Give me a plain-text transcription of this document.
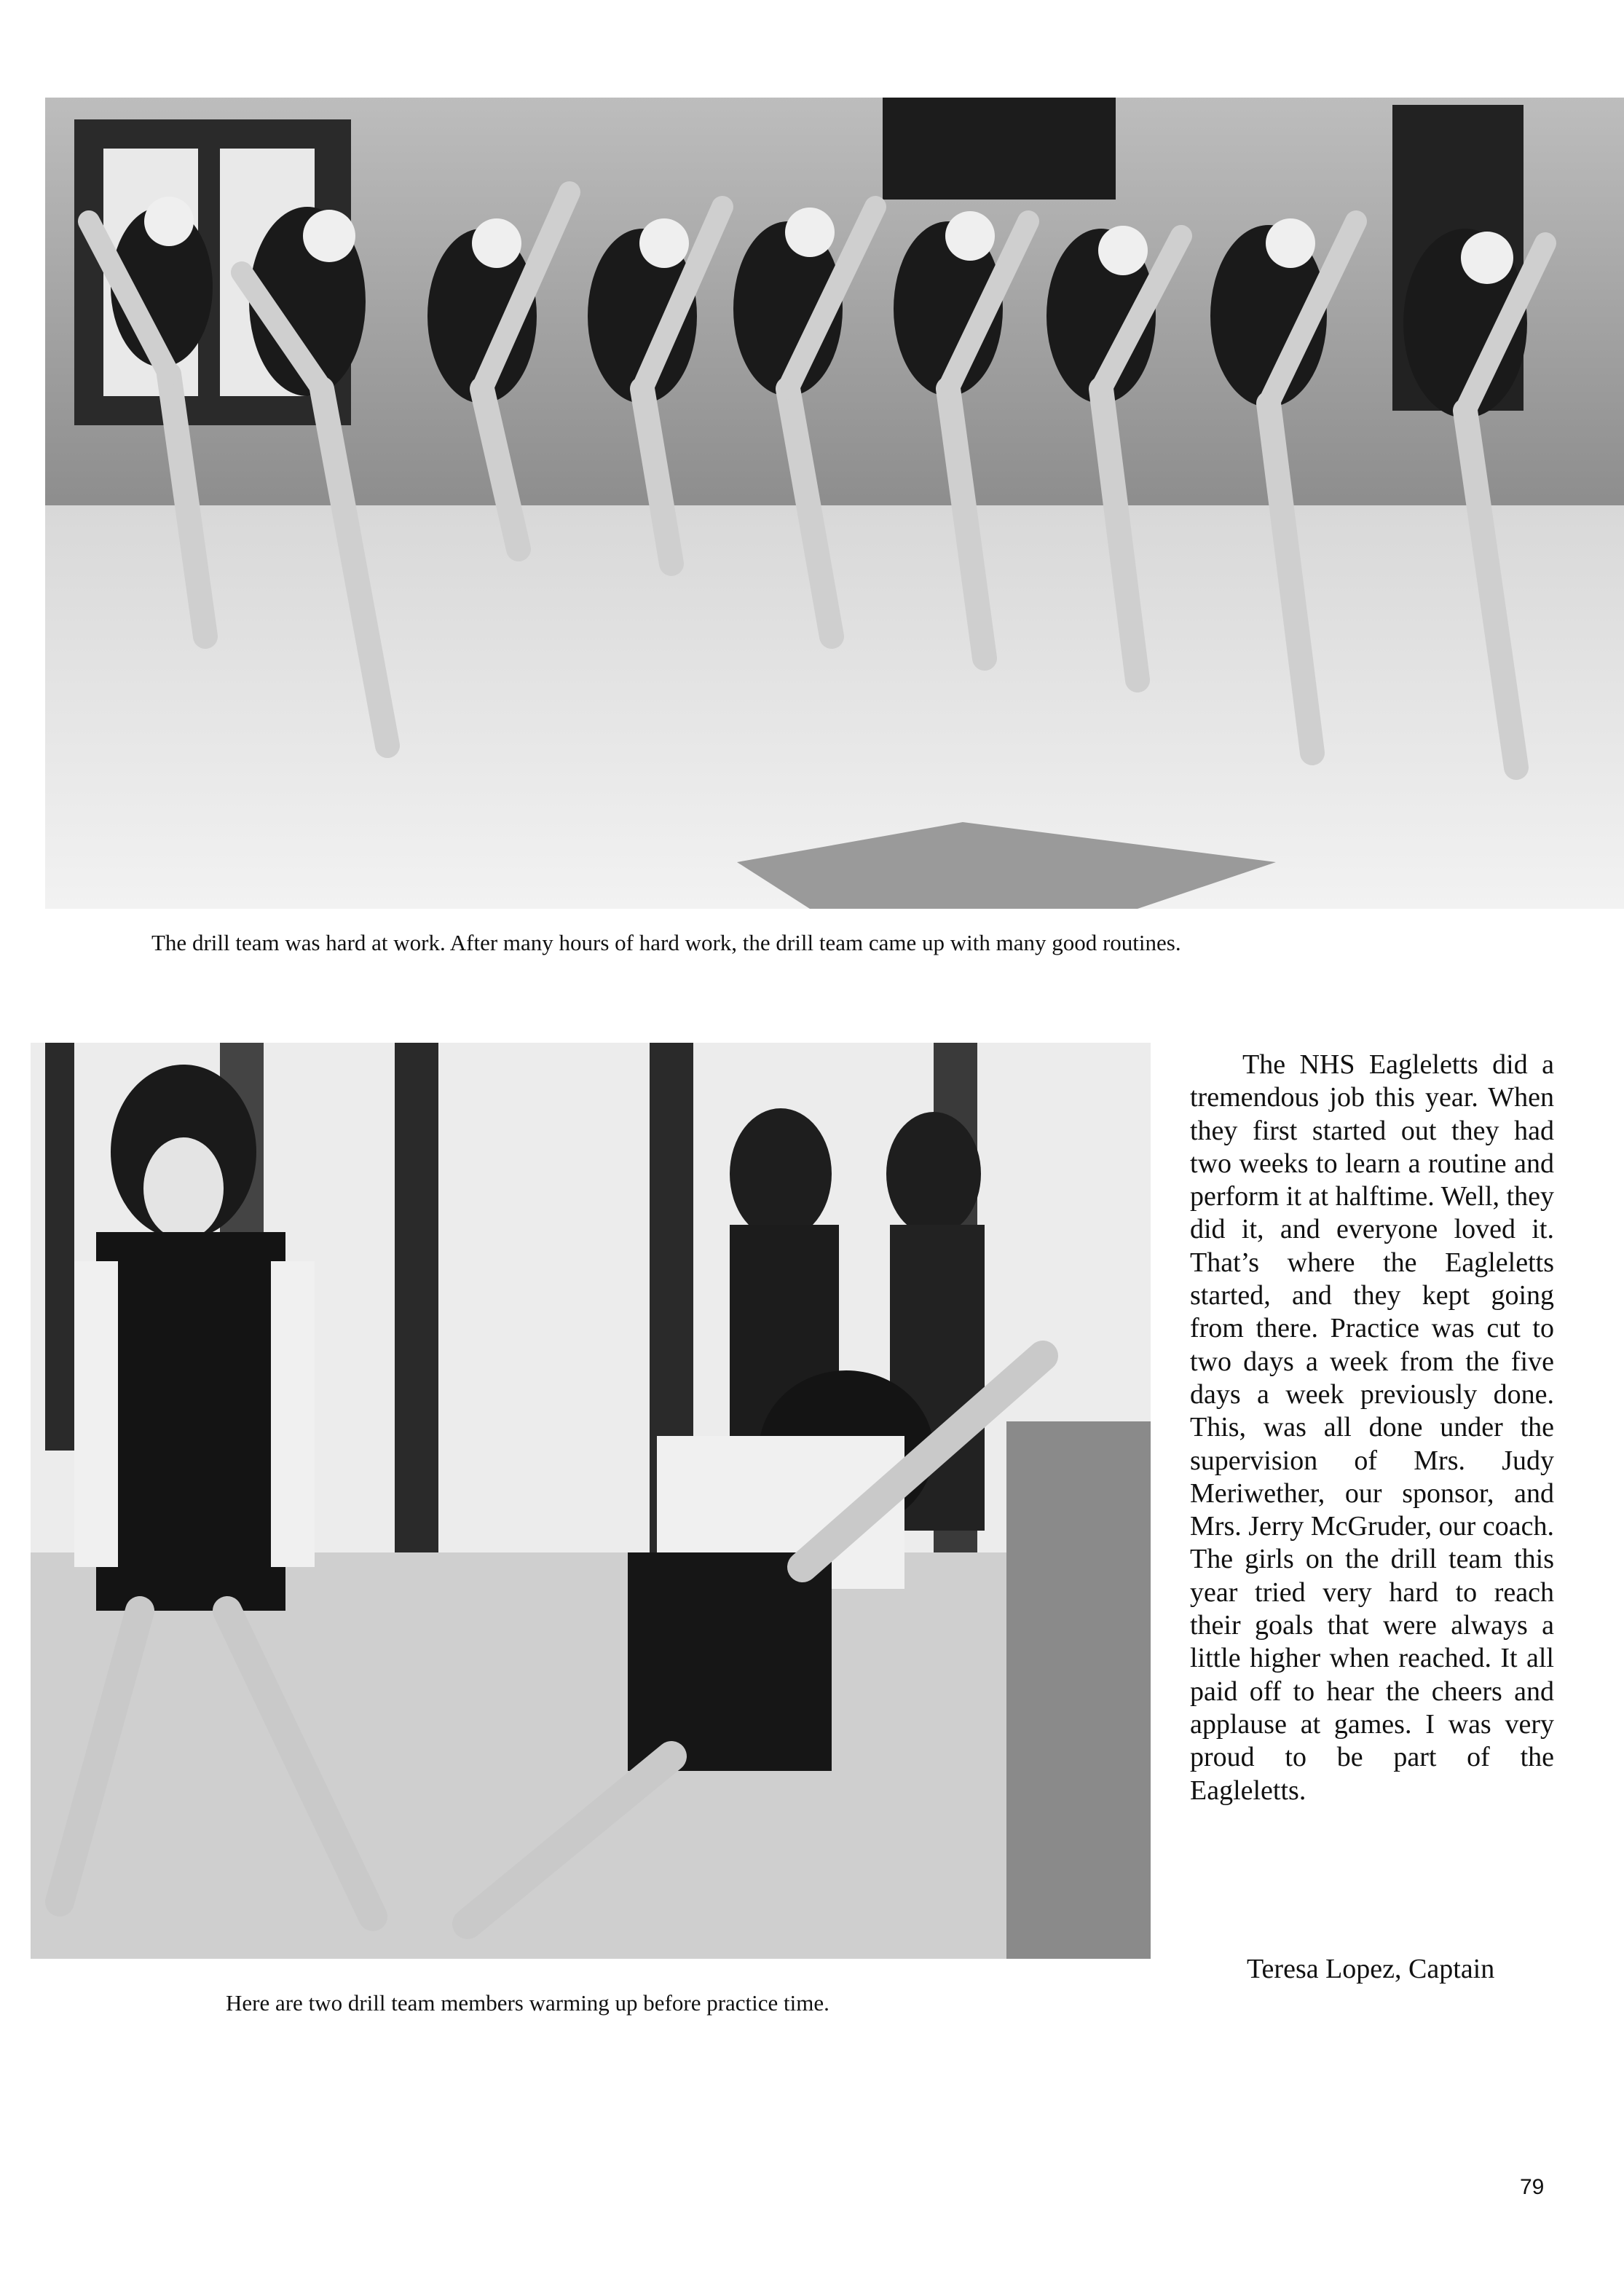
The drill team was hard at work. After many hours of hard work, the drill team came up with many good routines.

Here are two drill team members warming up before practice time.

The NHS Eagleletts did a tremendous job this year. When they first started out they had two weeks to learn a routine and perform it at halftime. Well, they did it, and everyone loved it. That’s where the Eagleletts started, and they kept going from there. Practice was cut to two days a week from the five days a week previously done. This, was all done under the supervision of Mrs. Judy Meriwether, our sponsor, and Mrs. Jerry McGruder, our coach. The girls on the drill team this year tried very hard to reach their goals that were always a little higher when reached. It all paid off to hear the cheers and applause at games. I was very proud to be part of the Eagleletts.

Teresa Lopez, Captain

79
